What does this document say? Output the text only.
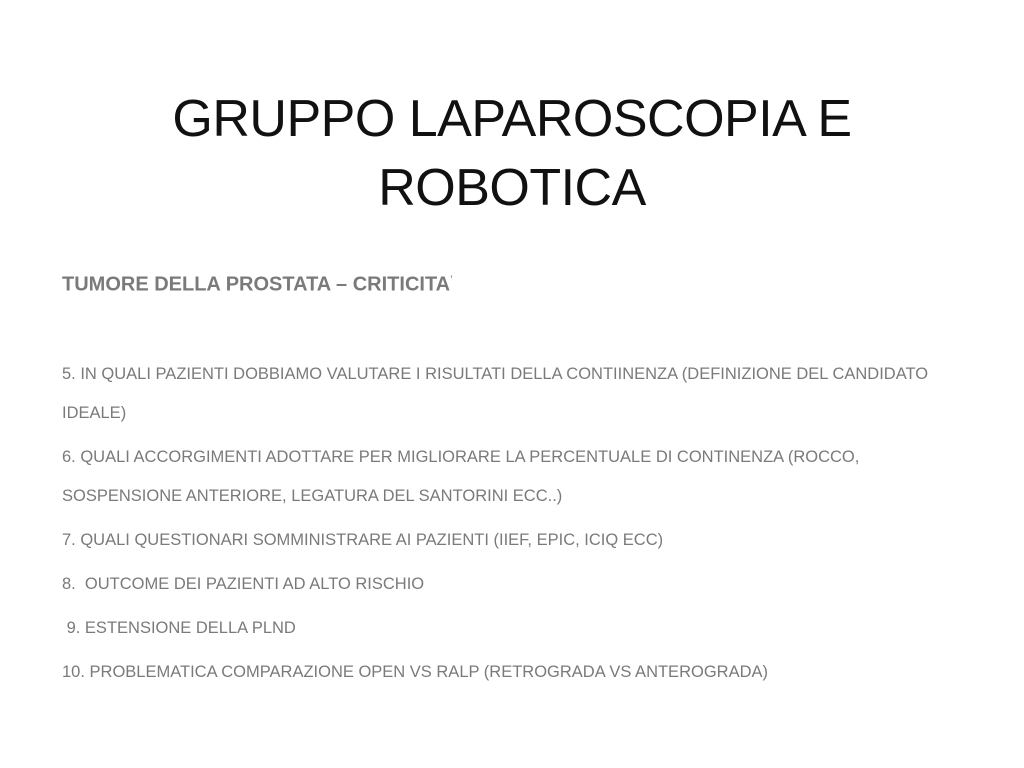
GRUPPO LAPAROSCOPIA E
ROBOTICA

TUMORE DELLA PROSTATA – CRITICITA’

5. IN QUALI PAZIENTI DOBBIAMO VALUTARE I RISULTATI DELLA CONTIINENZA (DEFINIZIONE DEL CANDIDATO IDEALE)
6. QUALI ACCORGIMENTI ADOTTARE PER MIGLIORARE LA PERCENTUALE DI CONTINENZA (ROCCO, SOSPENSIONE ANTERIORE, LEGATURA DEL SANTORINI ECC..)
7. QUALI QUESTIONARI SOMMINISTRARE AI PAZIENTI (IIEF, EPIC, ICIQ ECC)
8.  OUTCOME DEI PAZIENTI AD ALTO RISCHIO
9. ESTENSIONE DELLA PLND
10. PROBLEMATICA COMPARAZIONE OPEN VS RALP (RETROGRADA VS ANTEROGRADA)
